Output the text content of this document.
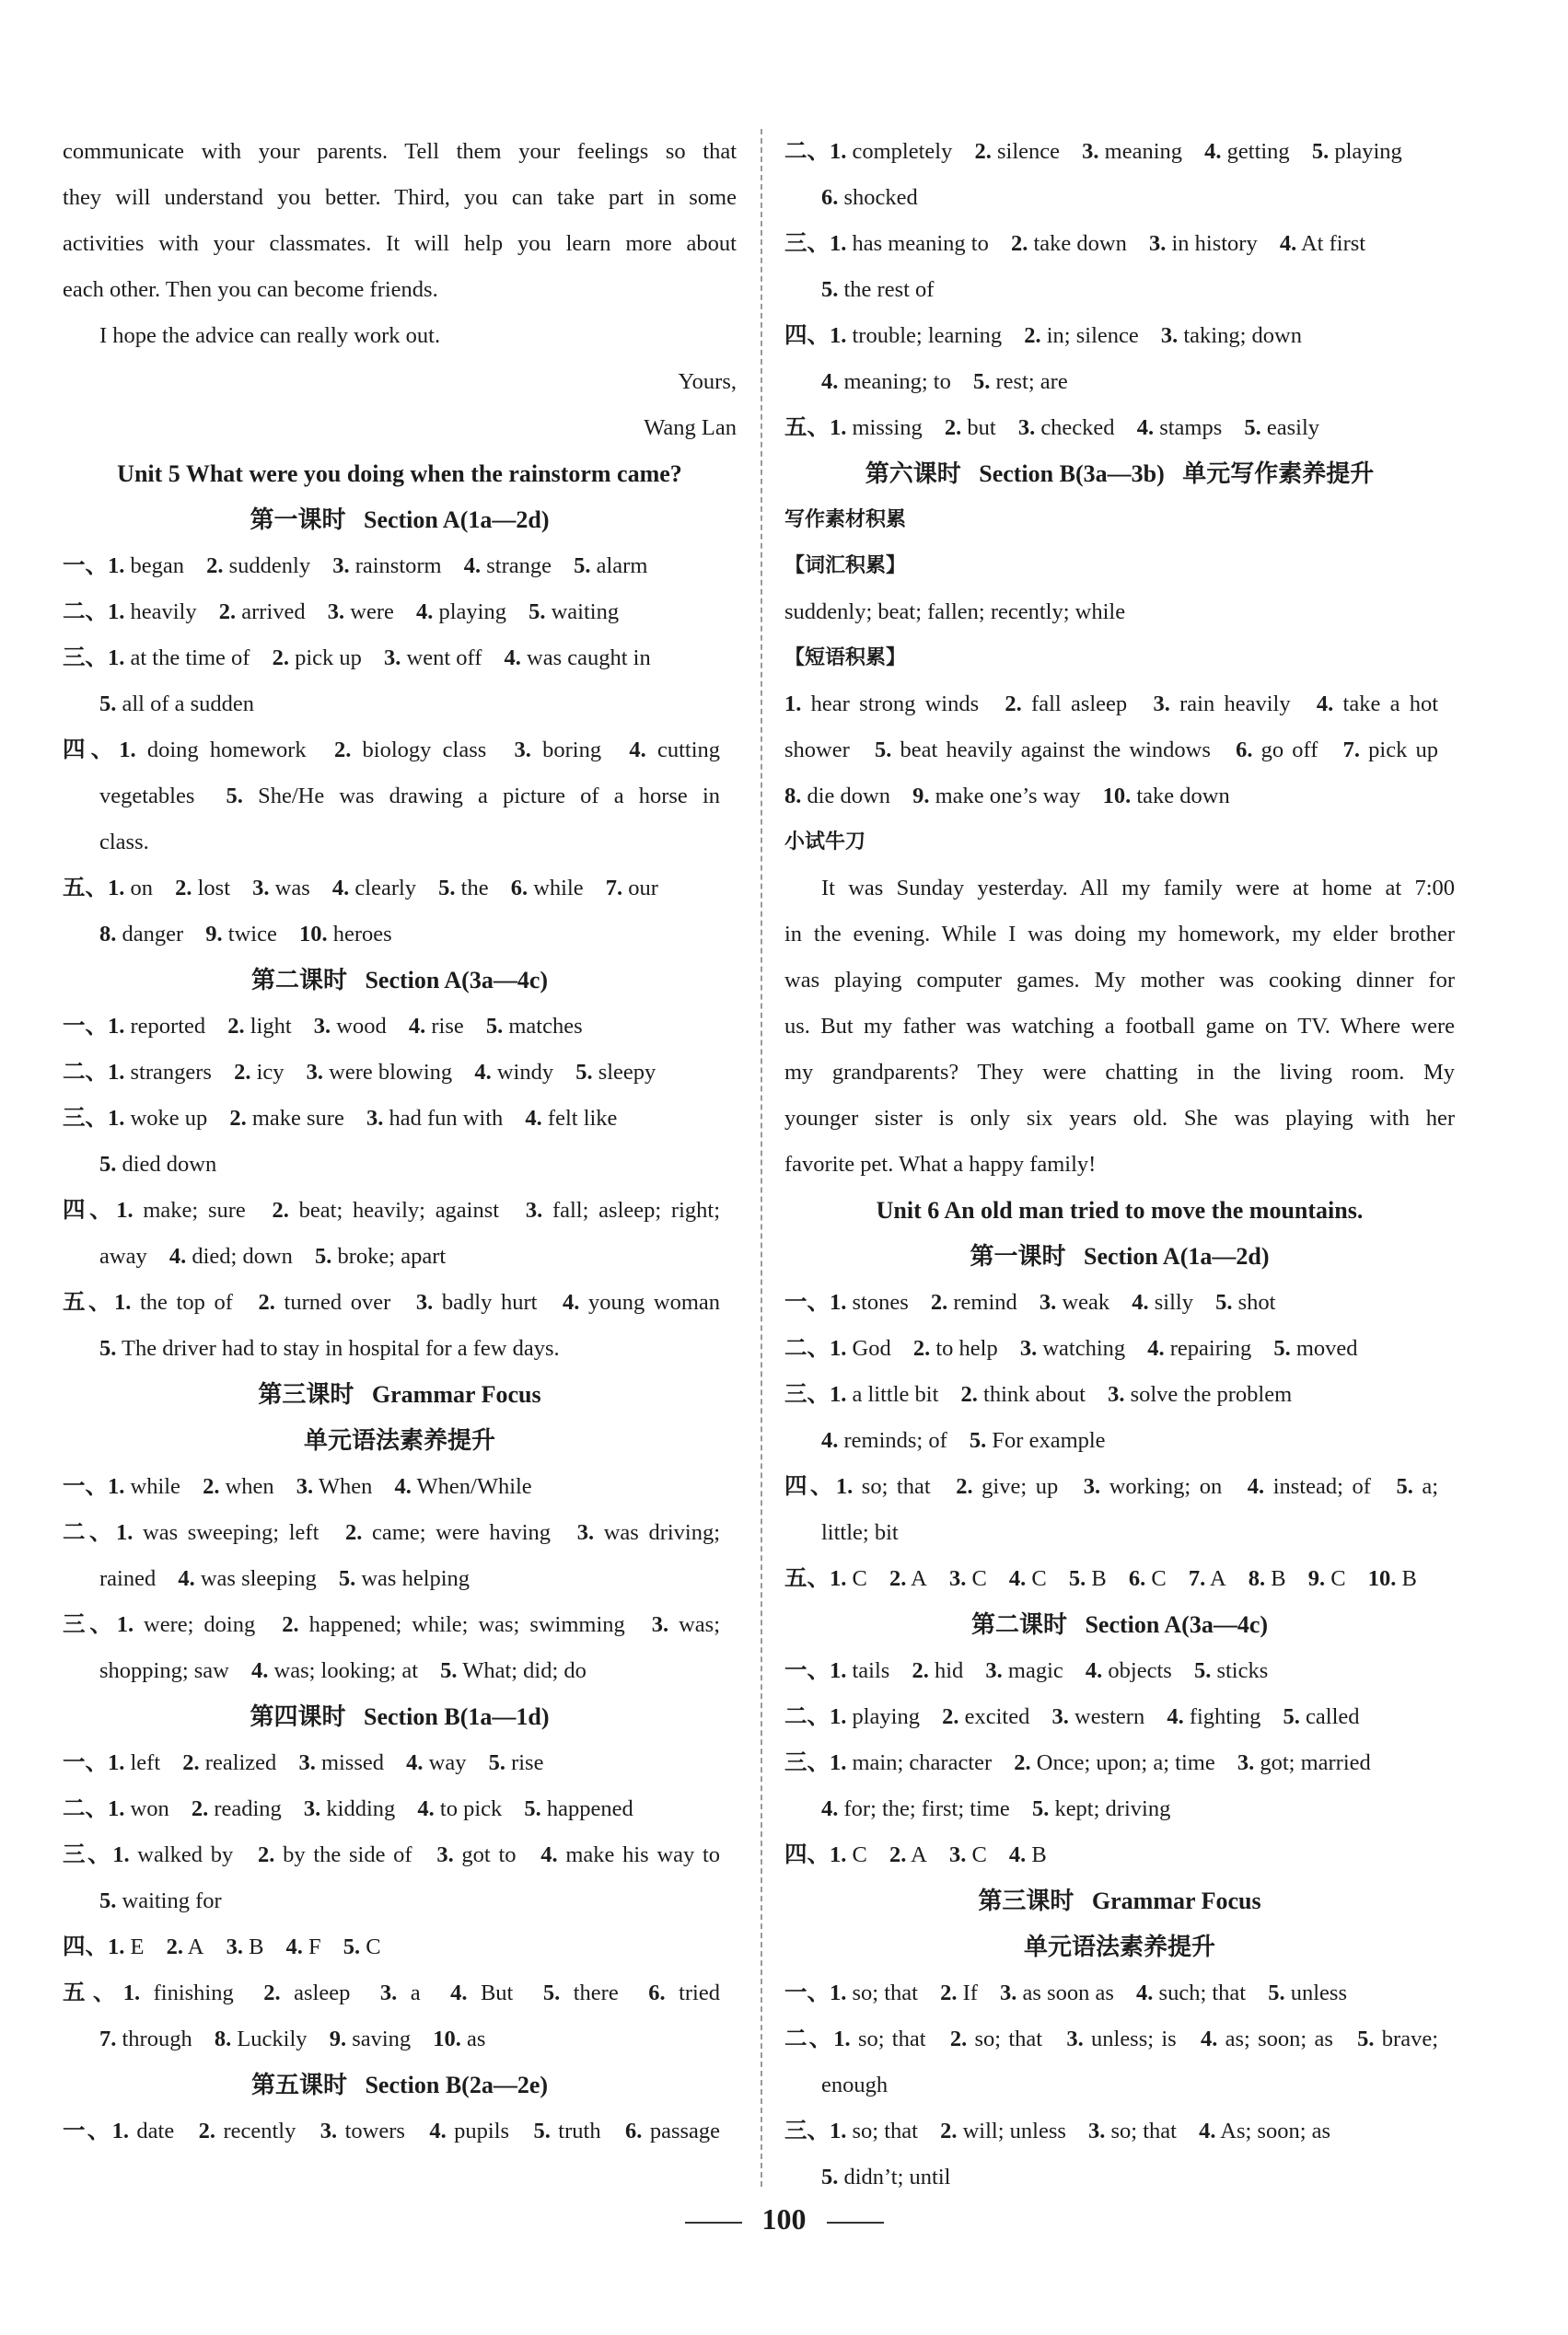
communicate with your parents. Tell them your feelings so that
they will understand you better. Third, you can take part in some
activities with your classmates. It will help you learn more about
each other. Then you can become friends.
I hope the advice can really work out.
Yours,
Wang Lan
Unit 5 What were you doing when the rainstorm came?
第一课时   Section A(1a—2d)
一、1. began 2. suddenly 3. rainstorm 4. strange 5. alarm
二、1. heavily 2. arrived 3. were 4. playing 5. waiting
三、1. at the time of 2. pick up 3. went off 4. was caught in
5. all of a sudden
四、1. doing homework 2. biology class 3. boring 4. cutting
vegetables 5. She/He was drawing a picture of a horse in
class.
五、1. on 2. lost 3. was 4. clearly 5. the 6. while 7. our
8. danger 9. twice 10. heroes
第二课时   Section A(3a—4c)
一、1. reported 2. light 3. wood 4. rise 5. matches
二、1. strangers 2. icy 3. were blowing 4. windy 5. sleepy
三、1. woke up 2. make sure 3. had fun with 4. felt like
5. died down
四、1. make; sure 2. beat; heavily; against 3. fall; asleep; right;
away 4. died; down 5. broke; apart
五、1. the top of 2. turned over 3. badly hurt 4. young woman
5. The driver had to stay in hospital for a few days.
第三课时   Grammar Focus
单元语法素养提升
一、1. while 2. when 3. When 4. When/While
二、1. was sweeping; left 2. came; were having 3. was driving;
rained 4. was sleeping 5. was helping
三、1. were; doing 2. happened; while; was; swimming 3. was;
shopping; saw 4. was; looking; at 5. What; did; do
第四课时   Section B(1a—1d)
一、1. left 2. realized 3. missed 4. way 5. rise
二、1. won 2. reading 3. kidding 4. to pick 5. happened
三、1. walked by 2. by the side of 3. got to 4. make his way to
5. waiting for
四、1. E 2. A 3. B 4. F 5. C
五、1. finishing 2. asleep 3. a 4. But 5. there 6. tried
7. through 8. Luckily 9. saving 10. as
第五课时   Section B(2a—2e)
一、1. date 2. recently 3. towers 4. pupils 5. truth 6. passage
二、1. completely 2. silence 3. meaning 4. getting 5. playing
6. shocked
三、1. has meaning to 2. take down 3. in history 4. At first
5. the rest of
四、1. trouble; learning 2. in; silence 3. taking; down
4. meaning; to 5. rest; are
五、1. missing 2. but 3. checked 4. stamps 5. easily
第六课时   Section B(3a—3b)   单元写作素养提升
写作素材积累
【词汇积累】
suddenly; beat; fallen; recently; while
【短语积累】
1. hear strong winds 2. fall asleep 3. rain heavily 4. take a hot
shower 5. beat heavily against the windows 6. go off 7. pick up
8. die down 9. make one’s way 10. take down
小试牛刀
It was Sunday yesterday. All my family were at home at 7:00
in the evening. While I was doing my homework, my elder brother
was playing computer games. My mother was cooking dinner for
us. But my father was watching a football game on TV. Where were
my grandparents? They were chatting in the living room. My
younger sister is only six years old. She was playing with her
favorite pet. What a happy family!
Unit 6 An old man tried to move the mountains.
第一课时   Section A(1a—2d)
一、1. stones 2. remind 3. weak 4. silly 5. shot
二、1. God 2. to help 3. watching 4. repairing 5. moved
三、1. a little bit 2. think about 3. solve the problem
4. reminds; of 5. For example
四、1. so; that 2. give; up 3. working; on 4. instead; of 5. a;
little; bit
五、1. C 2. A 3. C 4. C 5. B 6. C 7. A 8. B 9. C 10. B
第二课时   Section A(3a—4c)
一、1. tails 2. hid 3. magic 4. objects 5. sticks
二、1. playing 2. excited 3. western 4. fighting 5. called
三、1. main; character 2. Once; upon; a; time 3. got; married
4. for; the; first; time 5. kept; driving
四、1. C 2. A 3. C 4. B
第三课时   Grammar Focus
单元语法素养提升
一、1. so; that 2. If 3. as soon as 4. such; that 5. unless
二、1. so; that 2. so; that 3. unless; is 4. as; soon; as 5. brave;
enough
三、1. so; that 2. will; unless 3. so; that 4. As; soon; as
5. didn’t; until
100
